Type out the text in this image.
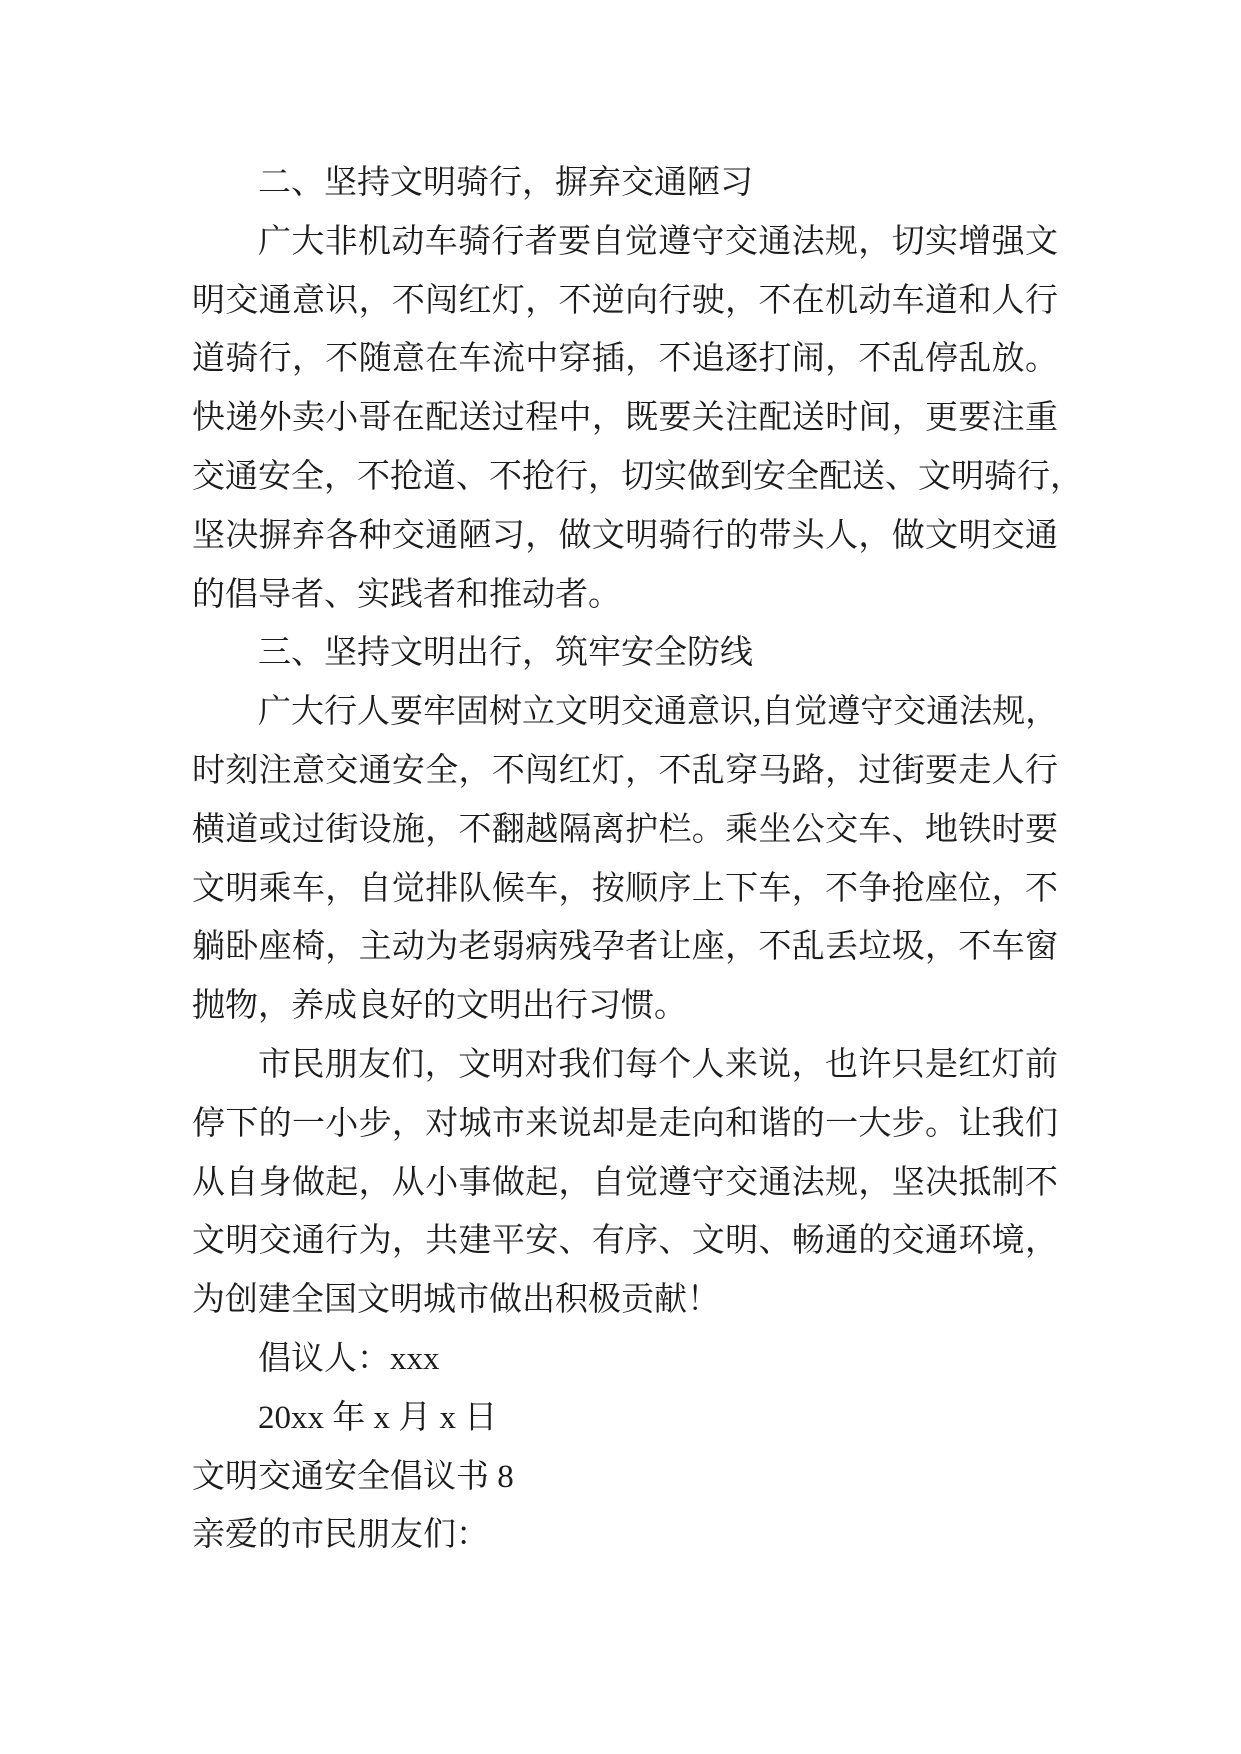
二、坚持文明骑行，摒弃交通陋习
广大非机动车骑行者要自觉遵守交通法规，切实增强文
明交通意识，不闯红灯，不逆向行驶，不在机动车道和人行
道骑行，不随意在车流中穿插，不追逐打闹，不乱停乱放。
快递外卖小哥在配送过程中，既要关注配送时间，更要注重
交通安全，不抢道、不抢行，切实做到安全配送、文明骑行，
坚决摒弃各种交通陋习，做文明骑行的带头人，做文明交通
的倡导者、实践者和推动者。
三、坚持文明出行，筑牢安全防线
广大行人要牢固树立文明交通意识,自觉遵守交通法规，
时刻注意交通安全，不闯红灯，不乱穿马路，过街要走人行
横道或过街设施，不翻越隔离护栏。乘坐公交车、地铁时要
文明乘车，自觉排队候车，按顺序上下车，不争抢座位，不
躺卧座椅，主动为老弱病残孕者让座，不乱丢垃圾，不车窗
抛物，养成良好的文明出行习惯。
市民朋友们，文明对我们每个人来说，也许只是红灯前
停下的一小步，对城市来说却是走向和谐的一大步。让我们
从自身做起，从小事做起，自觉遵守交通法规，坚决抵制不
文明交通行为，共建平安、有序、文明、畅通的交通环境，
为创建全国文明城市做出积极贡献！
倡议人：xxx
20xx 年 x 月 x 日
文明交通安全倡议书 8
亲爱的市民朋友们：
